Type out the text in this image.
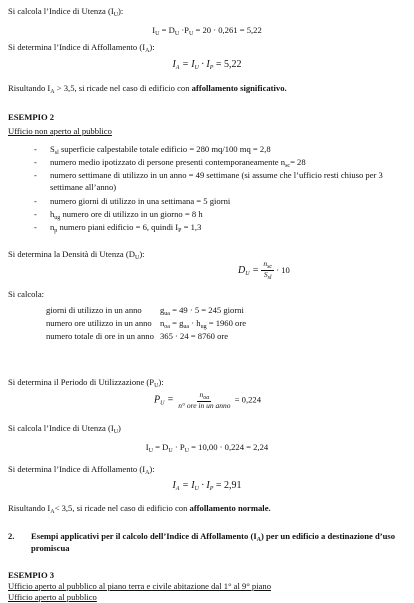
Si calcola l’Indice di Utenza $(I_U)$:
$I_U = D_U \cdot P_U = 20 \cdot 0,261 = 5,22$
Si determina l’Indice di Affollamento $(I_A)$:
$I_A = I_U \cdot I_P = 5,22$
Risultando $I_A > 3,5$, si ricade nel caso di edificio con affollamento significativo.
ESEMPIO 2
Ufficio non aperto al pubblico
- $S_{sl}$ superficie calpestabile totale edificio = 280 mq/100 mq = 2,8
- numero medio ipotizzato di persone presenti contemporaneamente $n_{sc}= 28$
- numero settimane di utilizzo in un anno = 49 settimane (si assume che l’ufficio resti chiuso per 3
settimane all’anno)
- numero giorni di utilizzo in una settimana = 5 giorni
- $h_{ug}$ numero ore di utilizzo in un giorno = 8 h
- $n_p$ numero piani edificio = 6, quindi $I_P = 1,3$
Si determina la Densità di Utenza $(D_U)$:
$D_U = \frac{n_{sc}}{S_{sl}} \cdot 10$
Si calcola:
giorni di utilizzo in un anno $g_{ua} = 49 \cdot 5 = 245$ giorni
numero ore utilizzo in un anno $n_{oa} = g_{ua} \cdot h_{ug} = 1960$ ore
numero totale di ore in un anno 365 · 24 = 8760 ore
Si determina il Periodo di Utilizzazione $(P_U)$:
$P_U = \frac{n_{oa}}{\text{n° ore in un anno}} = 0,224$
Si calcola l’Indice di Utenza $(I_U)$
$I_U = D_U \cdot P_U = 10,00 \cdot 0,224 = 2,24$
Si determina l’Indice di Affollamento $(I_A)$:
$I_A = I_U \cdot I_P = 2,91$
Risultando $I_A< 3,5$, si ricade nel caso di edificio con affollamento normale.
2. Esempi applicativi per il calcolo dell’Indice di Affollamento $(I_A)$ per un edificio a destinazione d’uso
promiscua
ESEMPIO 3
Ufficio aperto al pubblico al piano terra e civile abitazione dal 1° al 9° piano
Ufficio aperto al pubblico
